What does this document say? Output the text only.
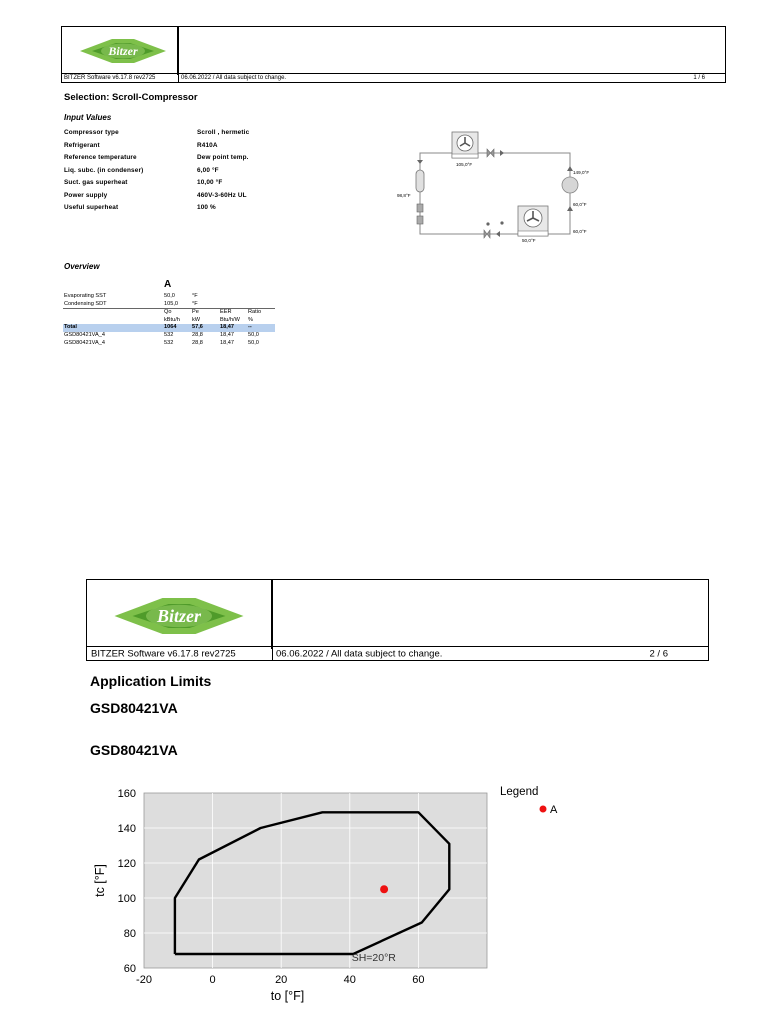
Bitzer
BITZER Software v6.17.8 rev2725	06.06.2022 / All data subject to change.	1 / 6
Selection: Scroll-Compressor
Input Values
Compressor type	Scroll , hermetic
Refrigerant	R410A
Reference temperature	Dew point temp.
Liq. subc. (in condenser)	6,00 °F
Suct. gas superheat	10,00 °F
Power supply	460V-3-60Hz UL
Useful superheat	100 %
105,0°F
149,0°F
60,0°F
60,0°F
98,8°F
50,0°F
Overview
A
Evaporating SST	50,0	°F		
Condensing SDT	105,0	°F		
	Qo	Pe	EER	Ratio
	kBtu/h	kW	Btu/h/W	%
Total	1064	57,6	18,47	--
GSD80421VA_4	532	28,8	18,47	50,0
GSD80421VA_4	532	28,8	18,47	50,0
Bitzer
BITZER Software v6.17.8 rev2725	06.06.2022 / All data subject to change.	2 / 6
Application Limits
GSD80421VA
GSD80421VA
-20	0	20	40	60
60
80
100
120
140
160
SH=20°R
to [°F]
tc [°F]
Legend
A
